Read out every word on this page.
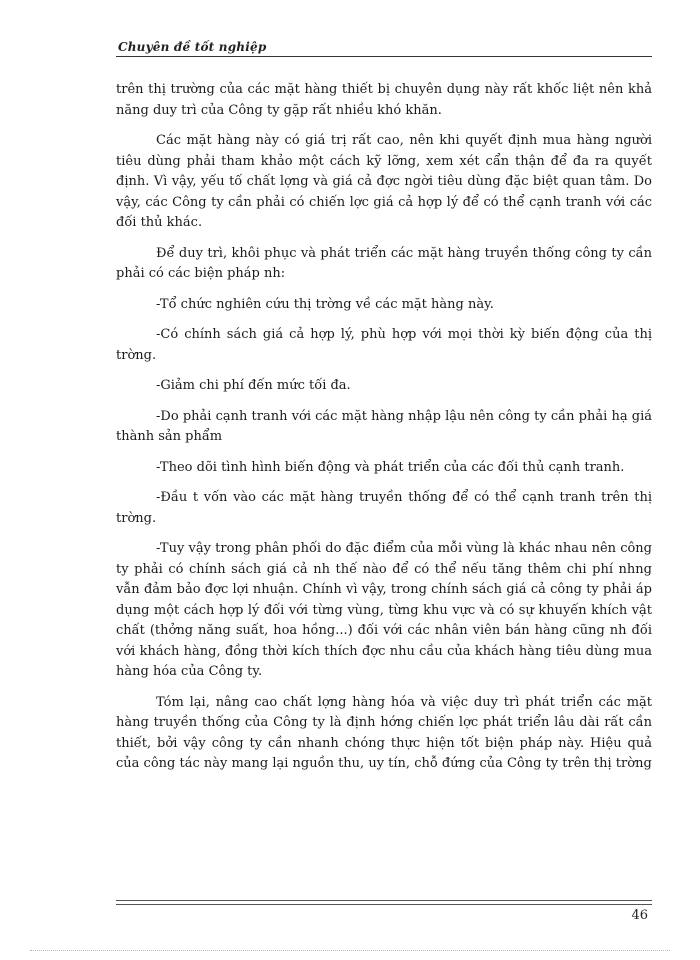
Chuyên đề tốt nghiệp

trên thị trường của các mặt hàng thiết bị chuyên dụng này rất khốc liệt nên khả năng duy trì của Công ty gặp rất nhiều khó khăn.

Các mặt hàng này có giá trị rất cao, nên khi quyết định mua hàng người tiêu dùng phải tham khảo một cách kỹ lỡng, xem xét cẩn thận để đa ra quyết định. Vì vậy, yếu tố chất lợng và giá cả đợc ngời tiêu dùng đặc biệt quan tâm. Do vậy, các Công ty cần phải có chiến lợc giá cả hợp lý để có thể cạnh tranh với các đối thủ khác.

Để duy trì, khôi phục và phát triển các mặt hàng truyền thống công ty cần phải có các biện pháp nh:

-Tổ chức nghiên cứu thị trờng về các mặt hàng này.

-Có chính sách giá cả hợp lý, phù hợp với mọi thời kỳ biến động của thị trờng.

-Giảm chi phí đến mức tối đa.

-Do phải cạnh tranh với các mặt hàng nhập lậu nên công ty cần phải hạ giá thành sản phẩm

-Theo dõi tình hình biến động và phát triển của các đối thủ cạnh tranh.

-Đầu t vốn vào các mặt hàng truyền thống để có thể cạnh tranh trên thị trờng.

-Tuy vậy trong phân phối do đặc điểm của mỗi vùng là khác nhau nên công ty phải có chính sách giá cả nh thế nào để có thể nếu tăng thêm chi phí nhng vẫn đảm bảo đợc lợi nhuận. Chính vì vậy, trong chính sách giá cả công ty phải áp dụng một cách hợp lý đối với từng vùng, từng khu vực và có sự khuyến khích vật chất (thởng năng suất, hoa hồng...) đối với các nhân viên bán hàng cũng nh đối với khách hàng, đồng thời kích thích đợc nhu cầu của khách hàng tiêu dùng mua hàng hóa của Công ty.

Tóm lại, nâng cao chất lợng hàng hóa và việc duy trì phát triển các mặt hàng truyền thống của Công ty là định hớng chiến lợc phát triển lâu dài rất cần thiết, bởi vậy công ty cần nhanh chóng thực hiện tốt biện pháp này. Hiệu quả của công tác này mang lại nguồn thu, uy tín, chỗ đứng của Công ty trên thị trờng

46
